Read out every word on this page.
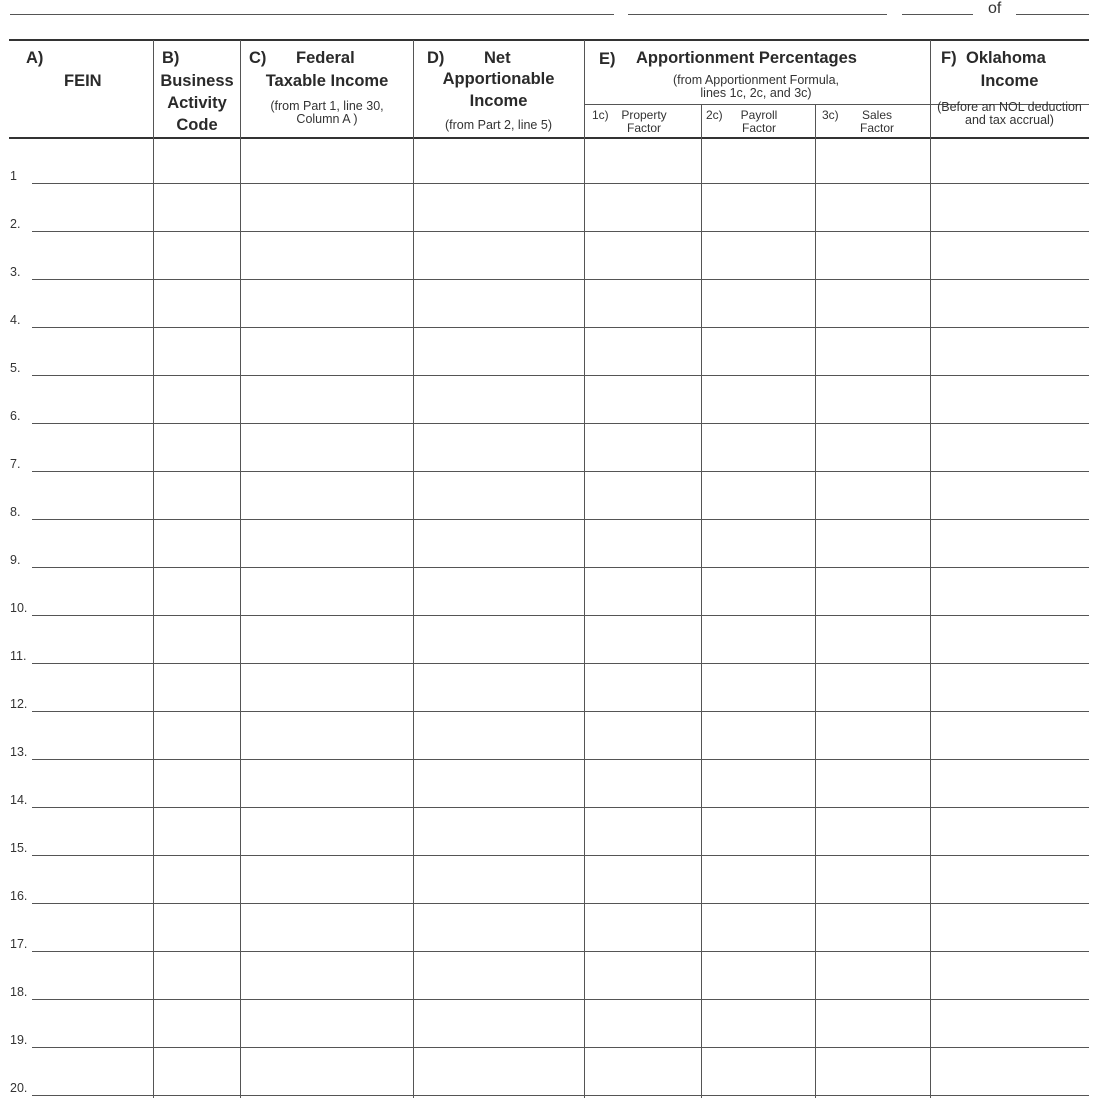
of
A)
FEIN
B)
Business
Activity
Code
C) Federal
Taxable Income
(from Part 1, line 30,
Column A )
D) Net
Apportionable
Income
(from Part 2, line 5)
E) Apportionment Percentages
(from Apportionment Formula,
lines 1c, 2c, and 3c)
1c)	Property
Factor
2c)	Payroll
Factor
3c)	Sales
Factor
F) Oklahoma
Income
(Before an NOL deduction
and tax accrual)
1
2.
3.
4.
5.
6.
7.
8.
9.
10.
11.
12.
13.
14.
15.
16.
17.
18.
19.
20.
